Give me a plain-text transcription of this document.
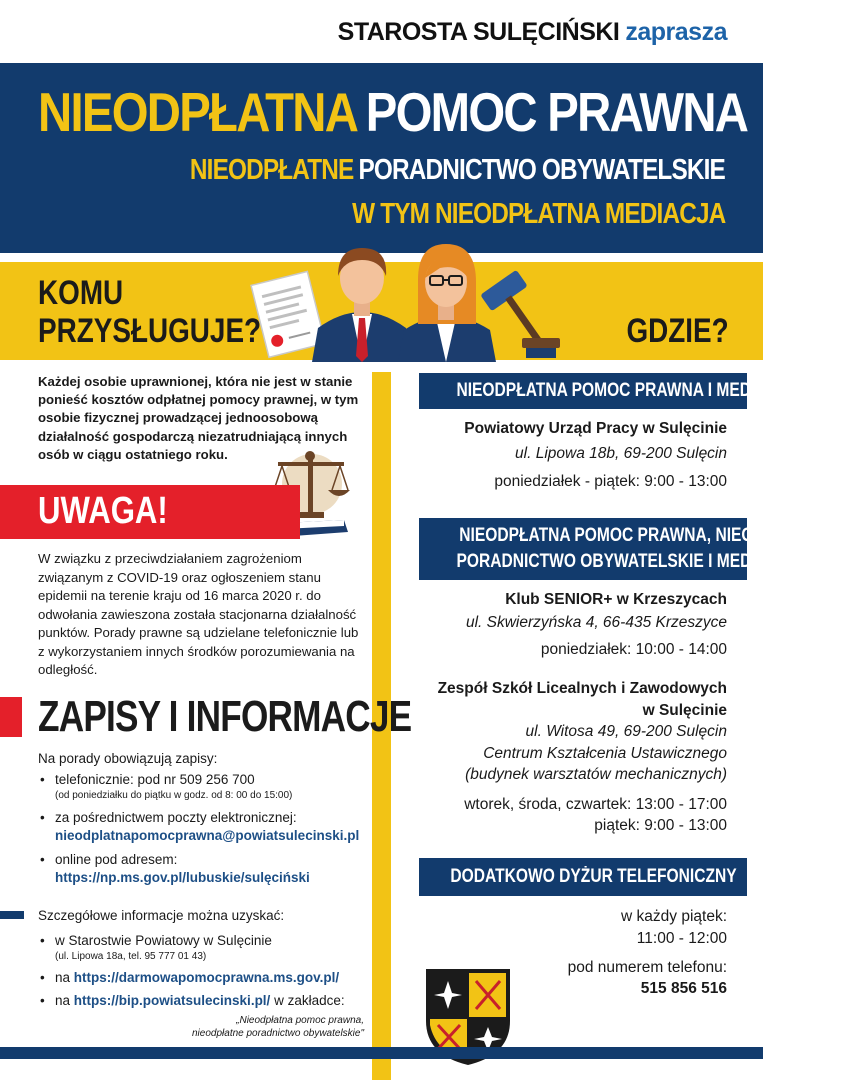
STAROSTA SULĘCIŃSKI zaprasza
NIEODPŁATNA POMOC PRAWNA
NIEODPŁATNE PORADNICTWO OBYWATELSKIE
W TYM NIEODPŁATNA MEDIACJA
KOMU
PRZYSŁUGUJE?	GDZIE?
Każdej osobie uprawnionej, która nie jest w stanie ponieść kosztów odpłatnej pomocy prawnej, w tym osobie fizycznej prowadzącej jednoosobową działalność gospodarczą niezatrudniającą innych osób w ciągu ostatniego roku.
UWAGA!
W związku z przeciwdziałaniem zagrożeniom związanym z COVID-19 oraz ogłoszeniem stanu epidemii na terenie kraju od 16 marca 2020 r. do odwołania zawieszona została stacjonarna działalność punktów. Porady prawne są udzielane telefonicznie lub z wykorzystaniem innych środków porozumiewania na odległość.
ZAPISY I INFORMACJE
Na porady obowiązują zapisy:
• telefonicznie: pod nr 509 256 700
(od poniedziałku do piątku w godz. od 8: 00 do 15:00)
• za pośrednictwem poczty elektronicznej:
nieodplatnapomocprawna@powiatsulecinski.pl
• online pod adresem:
https://np.ms.gov.pl/lubuskie/sulęciński
Szczegółowe informacje można uzyskać:
• w Starostwie Powiatowy w Sulęcinie
(ul. Lipowa 18a, tel. 95 777 01 43)
• na https://darmowapomocprawna.ms.gov.pl/
• na https://bip.powiatsulecinski.pl/ w zakładce:
„Nieodpłatna pomoc prawna,
nieodpłatne poradnictwo obywatelskie"
NIEODPŁATNA POMOC PRAWNA I MEDIACJA
Powiatowy Urząd Pracy w Sulęcinie
ul. Lipowa 18b, 69-200 Sulęcin
poniedziałek - piątek: 9:00 - 13:00
NIEODPŁATNA POMOC PRAWNA, NIEODPŁATNE
PORADNICTWO OBYWATELSKIE I MEDIACJA
Klub SENIOR+ w Krzeszycach
ul. Skwierzyńska 4, 66-435 Krzeszyce
poniedziałek: 10:00 - 14:00
Zespół Szkół Licealnych i Zawodowych
w Sulęcinie
ul. Witosa 49, 69-200 Sulęcin
Centrum Kształcenia Ustawicznego
(budynek warsztatów mechanicznych)
wtorek, środa, czwartek: 13:00 - 17:00
piątek: 9:00 - 13:00
DODATKOWO DYŻUR TELEFONICZNY
w każdy piątek:
11:00 - 12:00
pod numerem telefonu:
515 856 516
